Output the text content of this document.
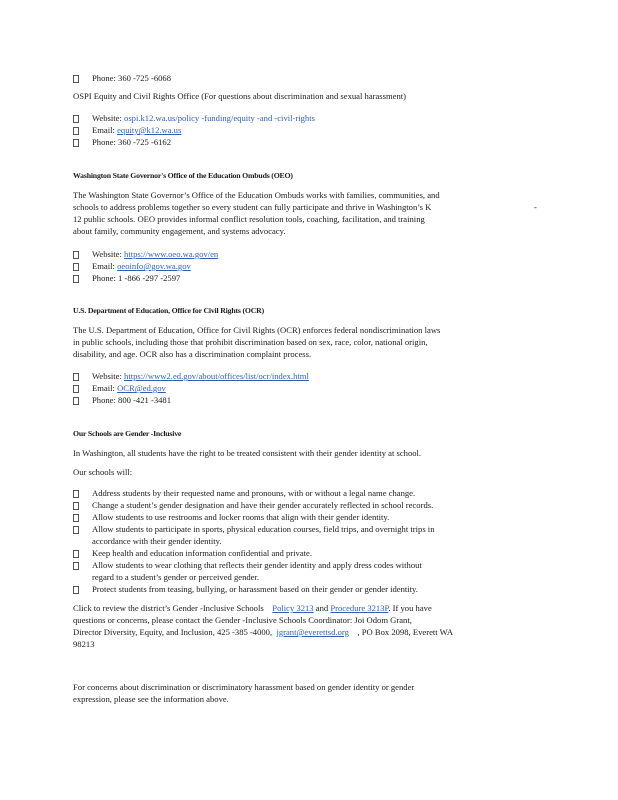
Phone: 360 -725 -6068
OSPI Equity and Civil Rights Office (For questions about discrimination and sexual harassment)
Website: ospi.k12.wa.us/policy -funding/equity -and -civil-rights
Email: equity@k12.wa.us
Phone: 360 -725 -6162
Washington State Governor's Office of the Education Ombuds (OEO)
The Washington State Governor’s Office of the Education Ombuds works with families, communities, and
schools to address problems together so every student can fully participate and thrive in Washington’s K	-
12 public schools. OEO provides informal conflict resolution tools, coaching, facilitation, and training
about family, community engagement, and systems advocacy.
Website: https://www.oeo.wa.gov/en
Email: oeoinfo@gov.wa.gov
Phone: 1 -866 -297 -2597
U.S. Department of Education, Office for Civil Rights (OCR)
The U.S. Department of Education, Office for Civil Rights (OCR) enforces federal nondiscrimination laws
in public schools, including those that prohibit discrimination based on sex, race, color, national origin,
disability, and age. OCR also has a discrimination complaint process.
Website: https://www2.ed.gov/about/offices/list/ocr/index.html
Email: OCR@ed.gov
Phone: 800 -421 -3481
Our Schools are Gender -Inclusive
In Washington, all students have the right to be treated consistent with their gender identity at school.
Our schools will:
Address students by their requested name and pronouns, with or without a legal name change.
Change a student’s gender designation and have their gender accurately reflected in school records.
Allow students to use restrooms and locker rooms that align with their gender identity.
Allow students to participate in sports, physical education courses, field trips, and overnight trips in
accordance with their gender identity.
Keep health and education information confidential and private.
Allow students to wear clothing that reflects their gender identity and apply dress codes without
regard to a student’s gender or perceived gender.
Protect students from teasing, bullying, or harassment based on their gender or gender identity.
Click to review the district’s Gender -Inclusive Schools Policy 3213 and Procedure 3213P. If you have
questions or concerns, please contact the Gender -Inclusive Schools Coordinator: Joi Odom Grant,
Director Diversity, Equity, and Inclusion, 425 -385 -4000, jgrant@everettsd.org , PO Box 2098, Everett WA
98213
For concerns about discrimination or discriminatory harassment based on gender identity or gender
expression, please see the information above.
